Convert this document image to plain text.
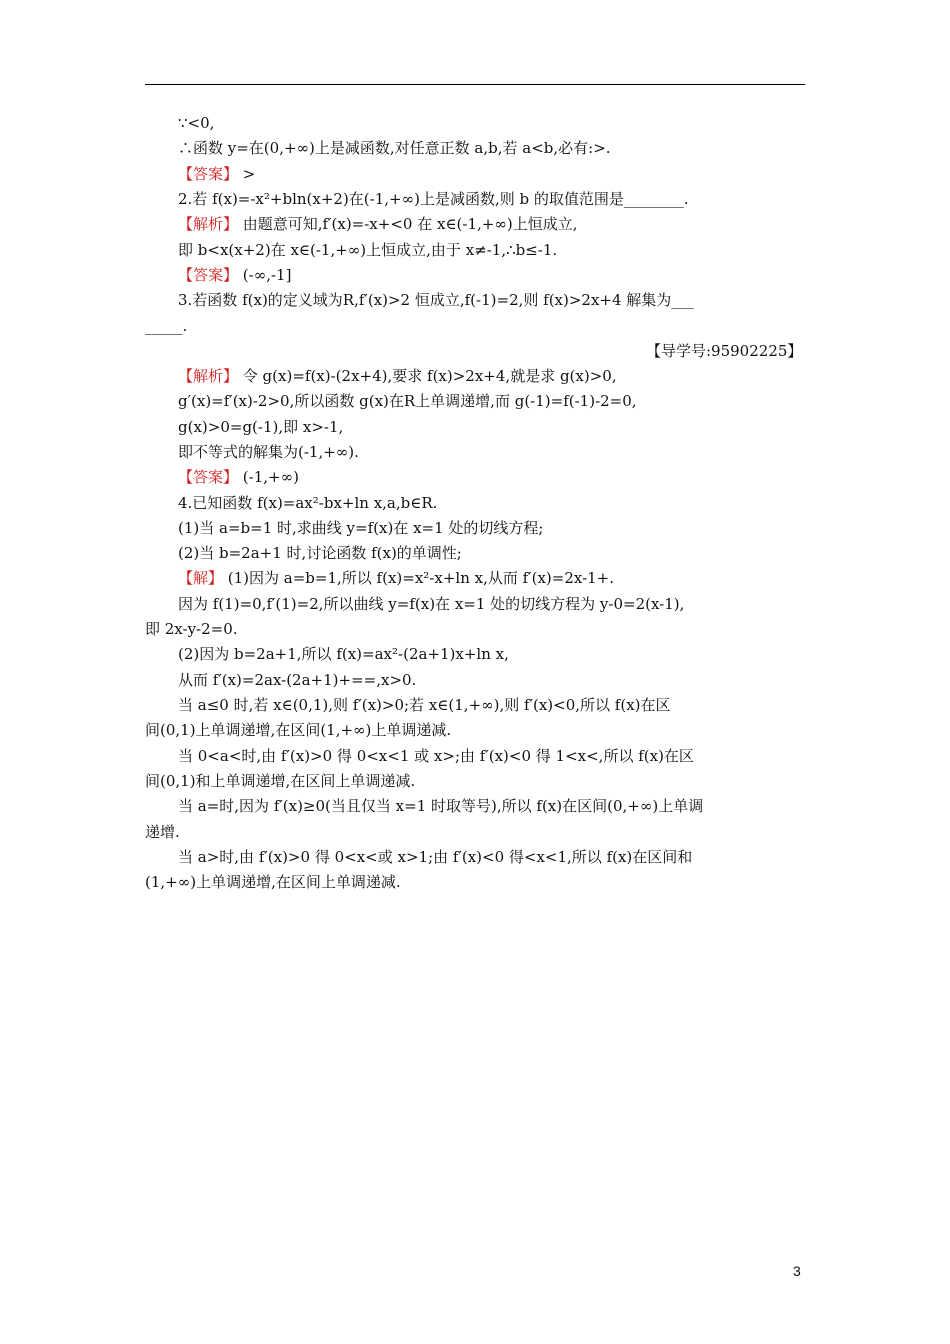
∵<0,
∴函数 y=在(0,+∞)上是减函数,对任意正数 a,b,若 a<b,必有:>.
【答案】 >
2.若 f(x)=-x²+bln(x+2)在(-1,+∞)上是减函数,则 b 的取值范围是________.
【解析】 由题意可知,f′(x)=-x+<0 在 x∈(-1,+∞)上恒成立,
即 b<x(x+2)在 x∈(-1,+∞)上恒成立,由于 x≠-1,∴b≤-1.
【答案】 (-∞,-1]
3.若函数 f(x)的定义域为R,f′(x)>2 恒成立,f(-1)=2,则 f(x)>2x+4 解集为___
_____.
【导学号:95902225】
【解析】 令 g(x)=f(x)-(2x+4),要求 f(x)>2x+4,就是求 g(x)>0,
g′(x)=f′(x)-2>0,所以函数 g(x)在R上单调递增,而 g(-1)=f(-1)-2=0,
g(x)>0=g(-1),即 x>-1,
即不等式的解集为(-1,+∞).
【答案】 (-1,+∞)
4.已知函数 f(x)=ax²-bx+ln x,a,b∈R.
(1)当 a=b=1 时,求曲线 y=f(x)在 x=1 处的切线方程;
(2)当 b=2a+1 时,讨论函数 f(x)的单调性;
【解】 (1)因为 a=b=1,所以 f(x)=x²-x+ln x,从而 f′(x)=2x-1+.
因为 f(1)=0,f′(1)=2,所以曲线 y=f(x)在 x=1 处的切线方程为 y-0=2(x-1),
即 2x-y-2=0.
(2)因为 b=2a+1,所以 f(x)=ax²-(2a+1)x+ln x,
从而 f′(x)=2ax-(2a+1)+==,x>0.
当 a≤0 时,若 x∈(0,1),则 f′(x)>0;若 x∈(1,+∞),则 f′(x)<0,所以 f(x)在区
间(0,1)上单调递增,在区间(1,+∞)上单调递减.
当 0<a<时,由 f′(x)>0 得 0<x<1 或 x>;由 f′(x)<0 得 1<x<,所以 f(x)在区
间(0,1)和上单调递增,在区间上单调递减.
当 a=时,因为 f′(x)≥0(当且仅当 x=1 时取等号),所以 f(x)在区间(0,+∞)上单调
递增.
当 a>时,由 f′(x)>0 得 0<x<或 x>1;由 f′(x)<0 得<x<1,所以 f(x)在区间和
(1,+∞)上单调递增,在区间上单调递减.
3
